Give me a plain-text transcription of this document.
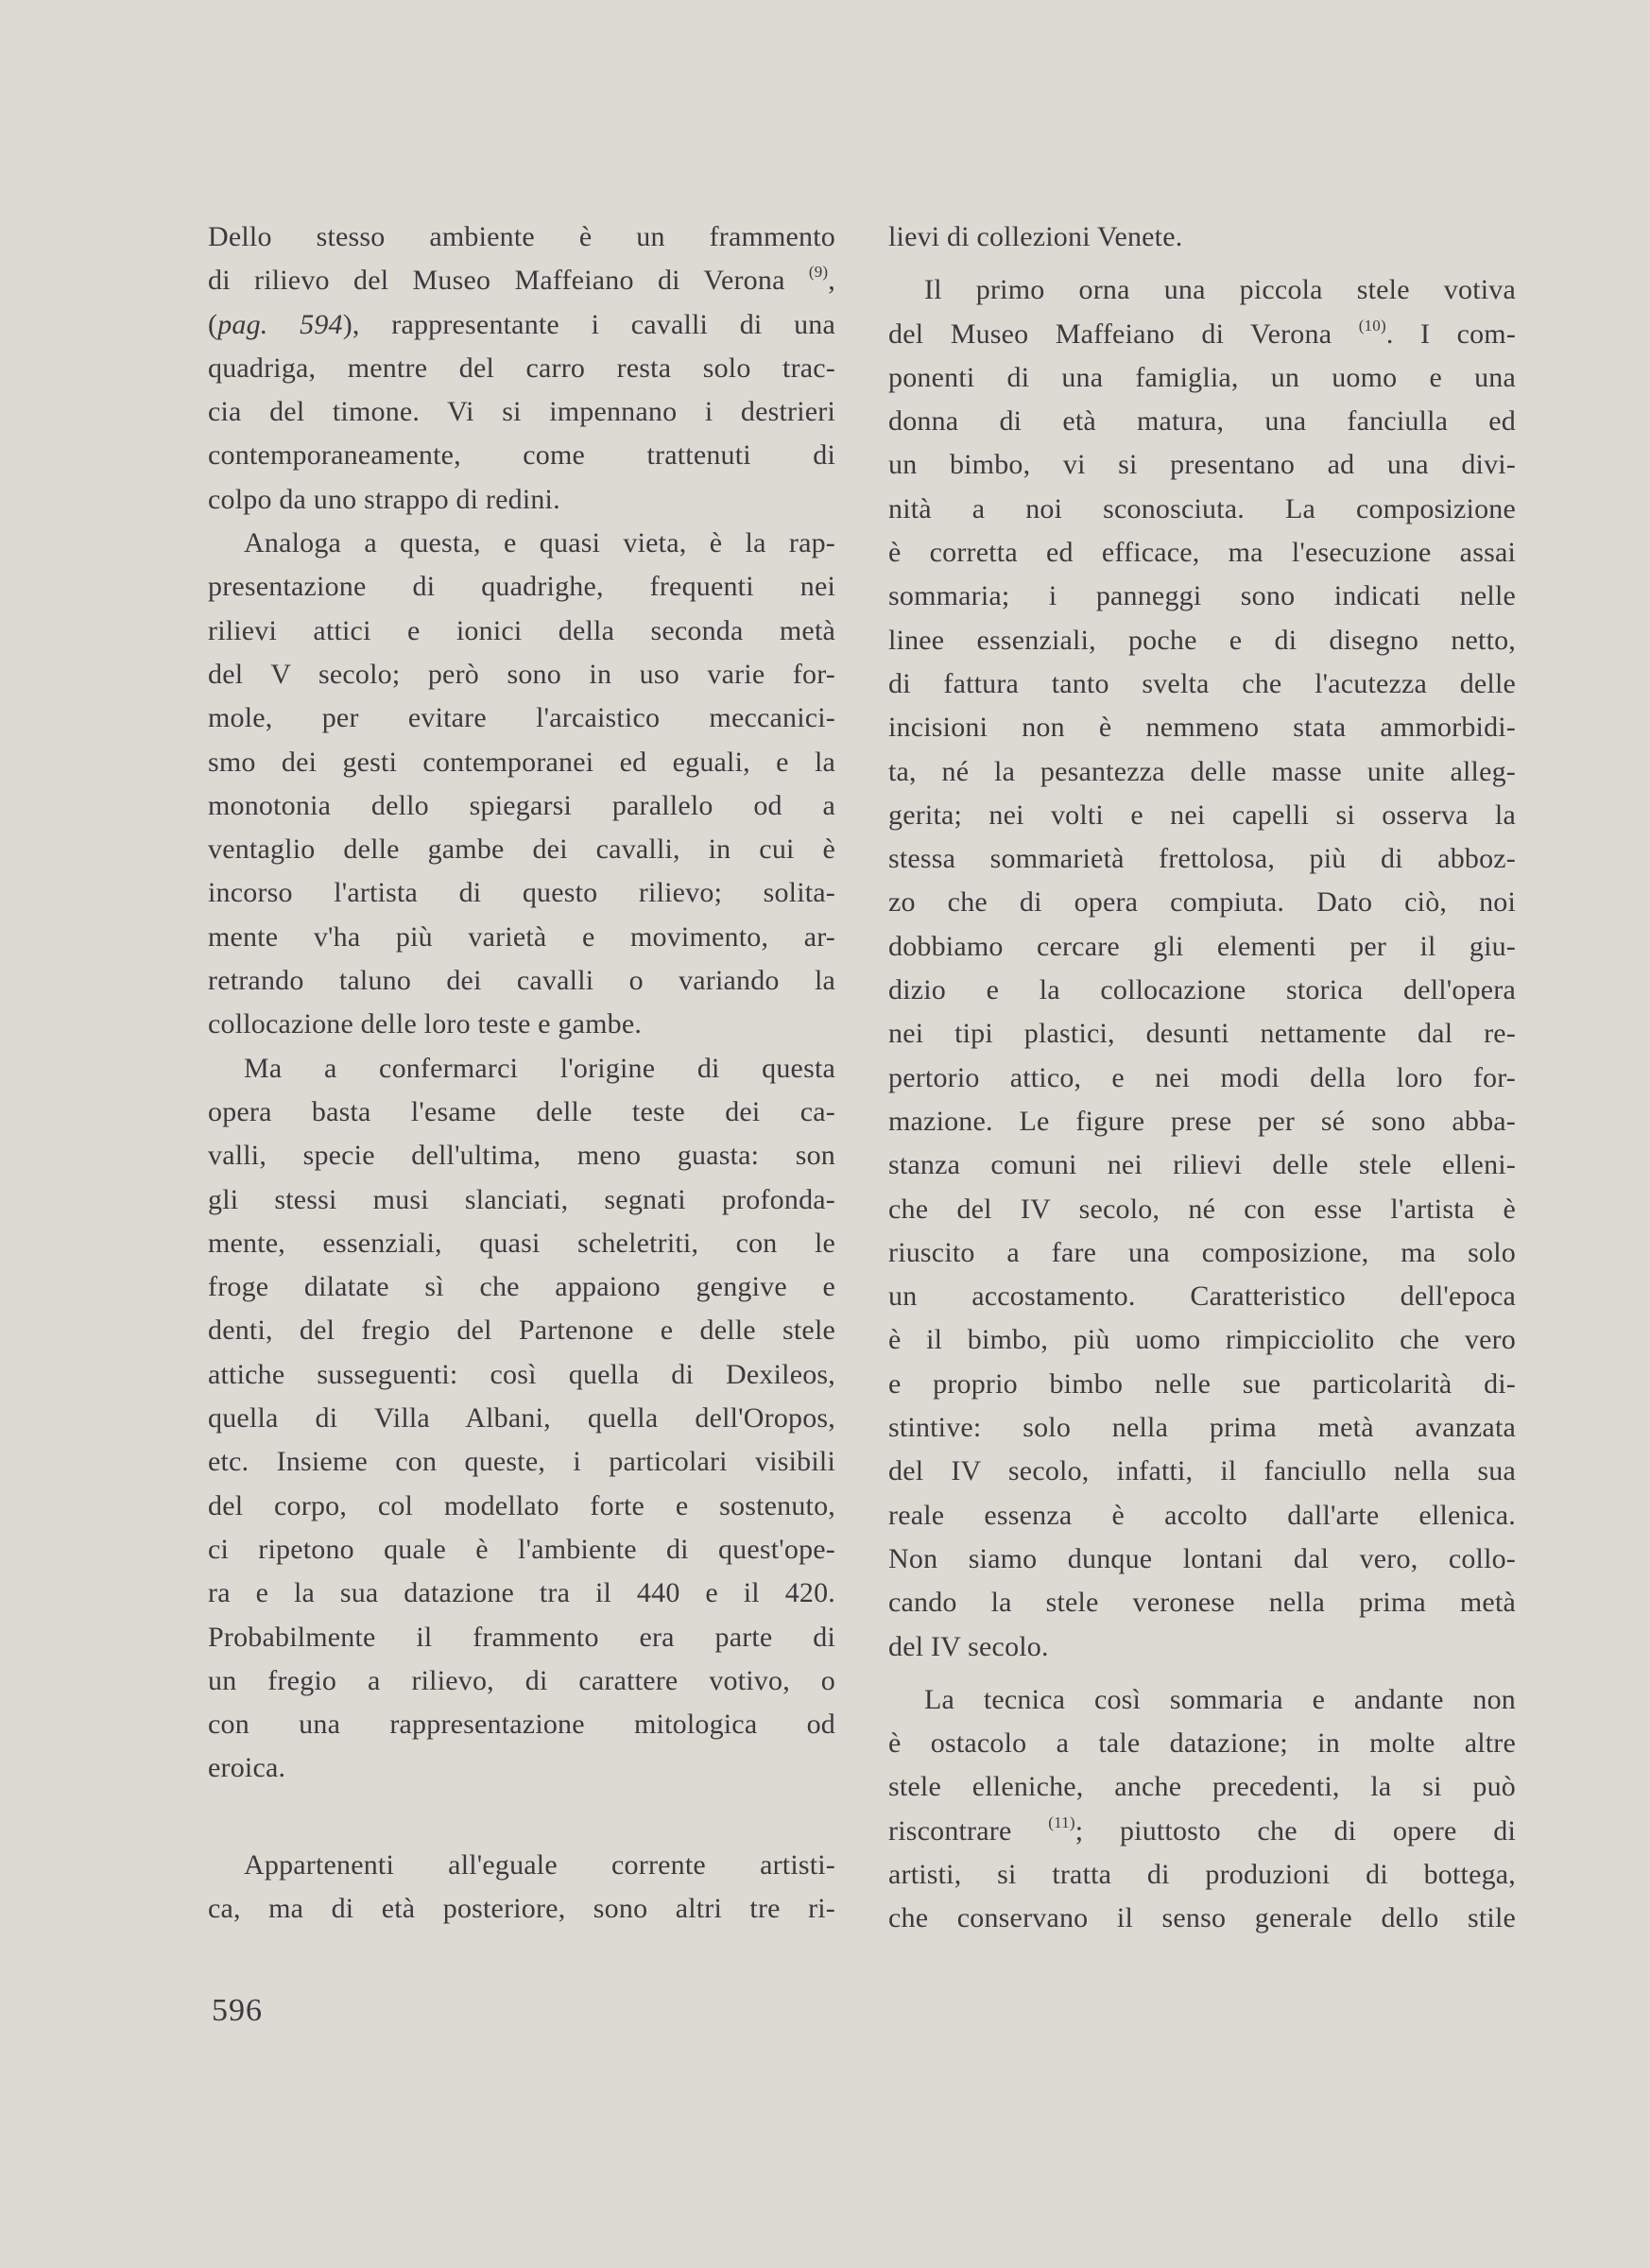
Dello stesso ambiente è un frammento
di rilievo del Museo Maffeiano di Verona $^{(9)}$,
(pag. 594), rappresentante i cavalli di una
quadriga, mentre del carro resta solo trac-
cia del timone. Vi si impennano i destrieri
contemporaneamente, come trattenuti di
colpo da uno strappo di redini.
Analoga a questa, e quasi vieta, è la rap-
presentazione di quadrighe, frequenti nei
rilievi attici e ionici della seconda metà
del V secolo; però sono in uso varie for-
mole, per evitare l'arcaistico meccanici-
smo dei gesti contemporanei ed eguali, e la
monotonia dello spiegarsi parallelo od a
ventaglio delle gambe dei cavalli, in cui è
incorso l'artista di questo rilievo; solita-
mente v'ha più varietà e movimento, ar-
retrando taluno dei cavalli o variando la
collocazione delle loro teste e gambe.
Ma a confermarci l'origine di questa
opera basta l'esame delle teste dei ca-
valli, specie dell'ultima, meno guasta: son
gli stessi musi slanciati, segnati profonda-
mente, essenziali, quasi scheletriti, con le
froge dilatate sì che appaiono gengive e
denti, del fregio del Partenone e delle stele
attiche susseguenti: così quella di Dexileos,
quella di Villa Albani, quella dell'Oropos,
etc. Insieme con queste, i particolari visibili
del corpo, col modellato forte e sostenuto,
ci ripetono quale è l'ambiente di quest'ope-
ra e la sua datazione tra il 440 e il 420.
Probabilmente il frammento era parte di
un fregio a rilievo, di carattere votivo, o
con una rappresentazione mitologica od
eroica.
Appartenenti all'eguale corrente artisti-
ca, ma di età posteriore, sono altri tre ri-
lievi di collezioni Venete.
Il primo orna una piccola stele votiva
del Museo Maffeiano di Verona $^{(10)}$. I com-
ponenti di una famiglia, un uomo e una
donna di età matura, una fanciulla ed
un bimbo, vi si presentano ad una divi-
nità a noi sconosciuta. La composizione
è corretta ed efficace, ma l'esecuzione assai
sommaria; i panneggi sono indicati nelle
linee essenziali, poche e di disegno netto,
di fattura tanto svelta che l'acutezza delle
incisioni non è nemmeno stata ammorbidi-
ta, né la pesantezza delle masse unite alleg-
gerita; nei volti e nei capelli si osserva la
stessa sommarietà frettolosa, più di abboz-
zo che di opera compiuta. Dato ciò, noi
dobbiamo cercare gli elementi per il giu-
dizio e la collocazione storica dell'opera
nei tipi plastici, desunti nettamente dal re-
pertorio attico, e nei modi della loro for-
mazione. Le figure prese per sé sono abba-
stanza comuni nei rilievi delle stele elleni-
che del IV secolo, né con esse l'artista è
riuscito a fare una composizione, ma solo
un accostamento. Caratteristico dell'epoca
è il bimbo, più uomo rimpicciolito che vero
e proprio bimbo nelle sue particolarità di-
stintive: solo nella prima metà avanzata
del IV secolo, infatti, il fanciullo nella sua
reale essenza è accolto dall'arte ellenica.
Non siamo dunque lontani dal vero, collo-
cando la stele veronese nella prima metà
del IV secolo.
La tecnica così sommaria e andante non
è ostacolo a tale datazione; in molte altre
stele elleniche, anche precedenti, la si può
riscontrare $^{(11)}$; piuttosto che di opere di
artisti, si tratta di produzioni di bottega,
che conservano il senso generale dello stile
596
